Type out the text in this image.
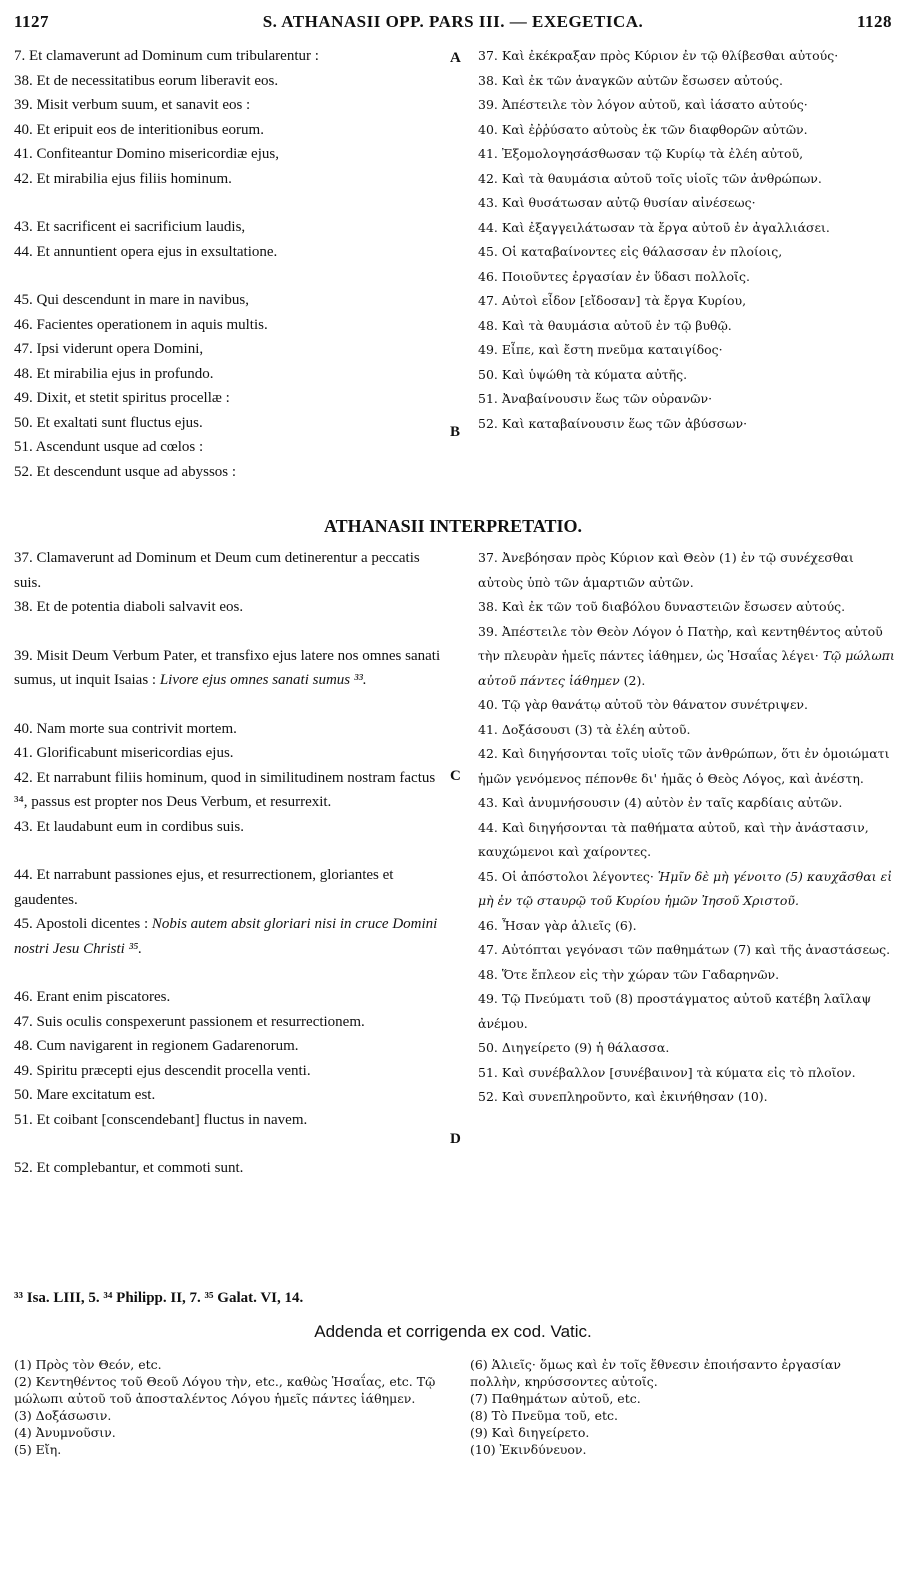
1127	S. ATHANASII OPP. PARS III. — EXEGETICA.	1128

7. Et clamaverunt ad Dominum cum tribularentur :

38. Et de necessitatibus eorum liberavit eos.

39. Misit verbum suum, et sanavit eos :

40. Et eripuit eos de interitionibus eorum.

41. Confiteantur Domino misericordiæ ejus,

42. Et mirabilia ejus filiis hominum.

43. Et sacrificent ei sacrificium laudis,

44. Et annuntient opera ejus in exsultatione.

45. Qui descendunt in mare in navibus,

46. Facientes operationem in aquis multis.

47. Ipsi viderunt opera Domini,

48. Et mirabilia ejus in profundo.

49. Dixit, et stetit spiritus procellæ :

50. Et exaltati sunt fluctus ejus.

51. Ascendunt usque ad cœlos :

52. Et descendunt usque ad abyssos :

37. Καὶ ἐκέκραξαν πρὸς Κύριον ἐν τῷ θλίβεσθαι αὐτούς·

38. Καὶ ἐκ τῶν ἀναγκῶν αὐτῶν ἔσωσεν αὐτούς.

39. Ἀπέστειλε τὸν λόγον αὐτοῦ, καὶ ἰάσατο αὐτούς·

40. Καὶ ἐῤῥύσατο αὐτοὺς ἐκ τῶν διαφθορῶν αὐτῶν.

41. Ἐξομολογησάσθωσαν τῷ Κυρίῳ τὰ ἐλέη αὐτοῦ,

42. Καὶ τὰ θαυμάσια αὐτοῦ τοῖς υἱοῖς τῶν ἀνθρώπων.

43. Καὶ θυσάτωσαν αὐτῷ θυσίαν αἰνέσεως·

44. Καὶ ἐξαγγειλάτωσαν τὰ ἔργα αὐτοῦ ἐν ἀγαλλιάσει.

45. Οἱ καταβαίνοντες εἰς θάλασσαν ἐν πλοίοις,

46. Ποιοῦντες ἐργασίαν ἐν ὕδασι πολλοῖς.

47. Αὐτοὶ εἶδον [εἴδοσαν] τὰ ἔργα Κυρίου,

48. Καὶ τὰ θαυμάσια αὐτοῦ ἐν τῷ βυθῷ.

49. Εἶπε, καὶ ἔστη πνεῦμα καταιγίδος·

50. Καὶ ὑψώθη τὰ κύματα αὐτῆς.

51. Ἀναβαίνουσιν ἕως τῶν οὐρανῶν·

52. Καὶ καταβαίνουσιν ἕως τῶν ἀβύσσων·

A
B
ATHANASII INTERPRETATIO.

37. Clamaverunt ad Dominum et Deum cum detinerentur a peccatis suis.

38. Et de potentia diaboli salvavit eos.

39. Misit Deum Verbum Pater, et transfixo ejus latere nos omnes sanati sumus, ut inquit Isaias : Livore ejus omnes sanati sumus ³³.

40. Nam morte sua contrivit mortem.

41. Glorificabunt misericordias ejus.

42. Et narrabunt filiis hominum, quod in similitudinem nostram factus ³⁴, passus est propter nos Deus Verbum, et resurrexit.

43. Et laudabunt eum in cordibus suis.

44. Et narrabunt passiones ejus, et resurrectionem, gloriantes et gaudentes.

45. Apostoli dicentes : Nobis autem absit gloriari nisi in cruce Domini nostri Jesu Christi ³⁵.

46. Erant enim piscatores.

47. Suis oculis conspexerunt passionem et resurrectionem.

48. Cum navigarent in regionem Gadarenorum.

49. Spiritu præcepti ejus descendit procella venti.

50. Mare excitatum est.

51. Et coibant [conscendebant] fluctus in navem.

52. Et complebantur, et commoti sunt.

37. Ἀνεβόησαν πρὸς Κύριον καὶ Θεὸν (1) ἐν τῷ συνέχεσθαι αὐτοὺς ὑπὸ τῶν ἁμαρτιῶν αὐτῶν.

38. Καὶ ἐκ τῶν τοῦ διαβόλου δυναστειῶν ἔσωσεν αὐτούς.

39. Ἀπέστειλε τὸν Θεὸν Λόγον ὁ Πατὴρ, καὶ κεντηθέντος αὐτοῦ τὴν πλευρὰν ἡμεῖς πάντες ἰάθημεν, ὡς Ἡσαΐας λέγει· Τῷ μώλωπι αὐτοῦ πάντες ἰάθημεν (2).

40. Τῷ γὰρ θανάτῳ αὐτοῦ τὸν θάνατον συνέτριψεν.

41. Δοξάσουσι (3) τὰ ἐλέη αὐτοῦ.

42. Καὶ διηγήσονται τοῖς υἱοῖς τῶν ἀνθρώπων, ὅτι ἐν ὁμοιώματι ἡμῶν γενόμενος πέπονθε δι' ἡμᾶς ὁ Θεὸς Λόγος, καὶ ἀνέστη.

43. Καὶ ἀνυμνήσουσιν (4) αὐτὸν ἐν ταῖς καρδίαις αὐτῶν.

44. Καὶ διηγήσονται τὰ παθήματα αὐτοῦ, καὶ τὴν ἀνάστασιν, καυχώμενοι καὶ χαίροντες.

45. Οἱ ἀπόστολοι λέγοντες· Ἡμῖν δὲ μὴ γένοιτο (5) καυχᾶσθαι εἰ μὴ ἐν τῷ σταυρῷ τοῦ Κυρίου ἡμῶν Ἰησοῦ Χριστοῦ.

46. Ἦσαν γὰρ ἁλιεῖς (6).

47. Αὐτόπται γεγόνασι τῶν παθημάτων (7) καὶ τῆς ἀναστάσεως.

48. Ὅτε ἔπλεον εἰς τὴν χώραν τῶν Γαδαρηνῶν.

49. Τῷ Πνεύματι τοῦ (8) προστάγματος αὐτοῦ κατέβη λαῖλαψ ἀνέμου.

50. Διηγείρετο (9) ἡ θάλασσα.

51. Καὶ συνέβαλλον [συνέβαινον] τὰ κύματα εἰς τὸ πλοῖον.

52. Καὶ συνεπληροῦντο, καὶ ἐκινήθησαν (10).

C
D
³³ Isa. LIII, 5. ³⁴ Philipp. II, 7. ³⁵ Galat. VI, 14.
Addenda et corrigenda ex cod. Vatic.
(1) Πρὸς τὸν Θεόν, etc.
(2) Κεντηθέντος τοῦ Θεοῦ Λόγου τὴν, etc., καθὼς Ἡσαΐας, etc. Τῷ μώλωπι αὐτοῦ τοῦ ἀποσταλέντος Λόγου ἡμεῖς πάντες ἰάθημεν.
(3) Δοξάσωσιν.
(4) Ἀνυμνοῦσιν.
(5) Εἴη.
(6) Ἁλιεῖς· ὅμως καὶ ἐν τοῖς ἔθνεσιν ἐποιήσαντο ἐργασίαν πολλὴν, κηρύσσοντες αὐτοῖς.
(7) Παθημάτων αὐτοῦ, etc.
(8) Τὸ Πνεῦμα τοῦ, etc.
(9) Καὶ διηγείρετο.
(10) Ἐκινδύνευον.
